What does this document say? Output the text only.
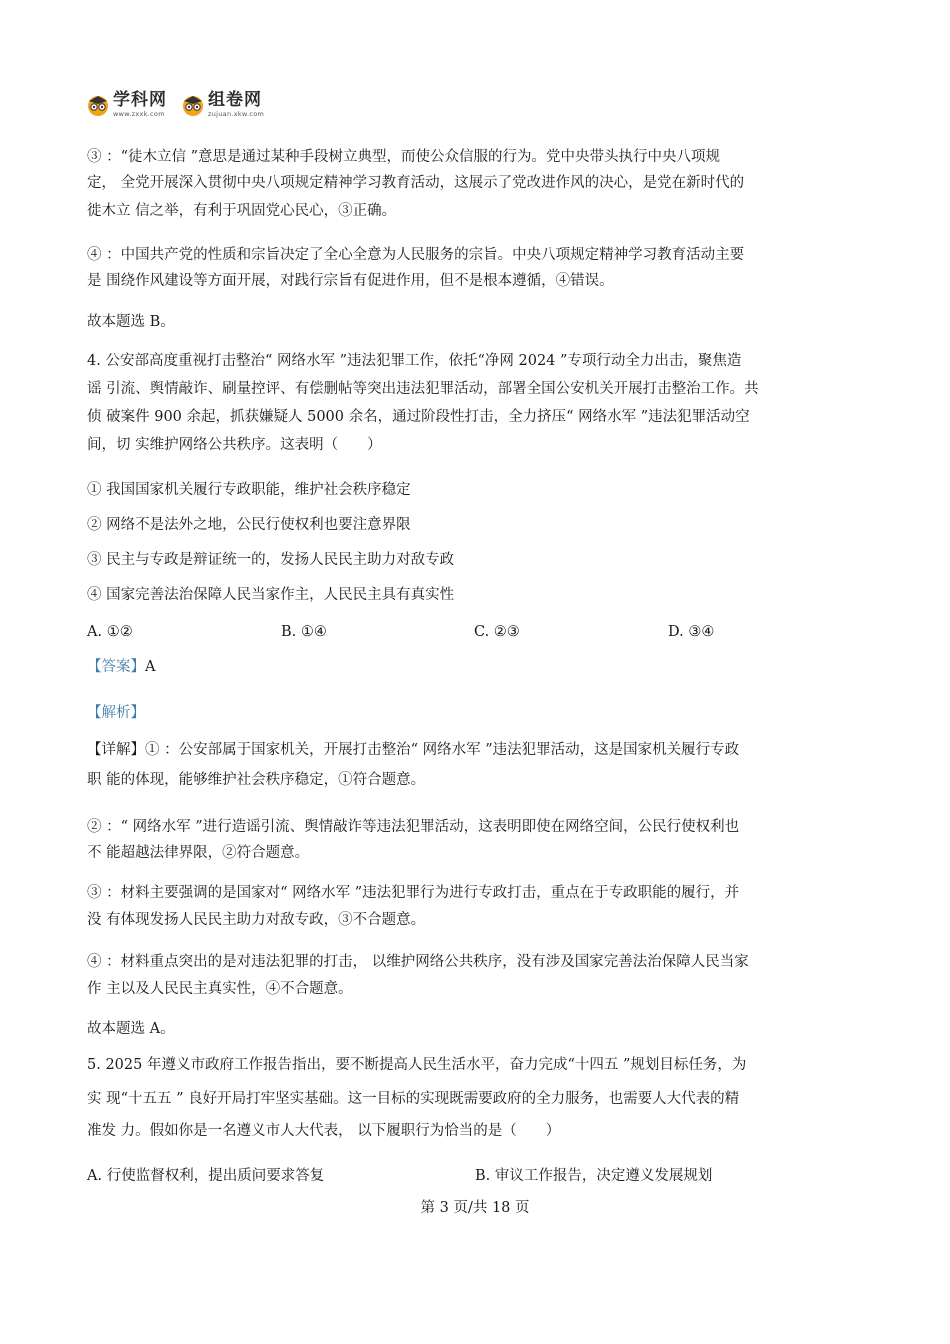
学科网
www.zxxk.com
组卷网
zujuan.xkw.com
③ ：“徒木立信 ”意思是通过某种手段树立典型，而使公众信服的行为。党中央带头执行中央八项规
定， 全党开展深入贯彻中央八项规定精神学习教育活动，这展示了党改进作风的决心，是党在新时代的
徙木立 信之举，有利于巩固党心民心，③正确。
④ ：中国共产党的性质和宗旨决定了全心全意为人民服务的宗旨。中央八项规定精神学习教育活动主要
是 围绕作风建设等方面开展，对践行宗旨有促进作用，但不是根本遵循，④错误。
故本题选 B。
4. 公安部高度重视打击整治“ 网络水军 ”违法犯罪工作，依托“净网 2024 ”专项行动全力出击，聚焦造
谣 引流、舆情敲诈、刷量控评、有偿删帖等突出违法犯罪活动，部署全国公安机关开展打击整治工作。共
侦 破案件 900 余起，抓获嫌疑人 5000 余名，通过阶段性打击，全力挤压“ 网络水军 ”违法犯罪活动空
间，切 实维护网络公共秩序。这表明（　　）
① 我国国家机关履行专政职能，维护社会秩序稳定
② 网络不是法外之地，公民行使权利也要注意界限
③ 民主与专政是辩证统一的，发扬人民民主助力对敌专政
④ 国家完善法治保障人民当家作主，人民民主具有真实性
A. ①②	B. ①④	C. ②③	D. ③④
【答案】A
【解析】
【详解】① ：公安部属于国家机关，开展打击整治“ 网络水军 ”违法犯罪活动，这是国家机关履行专政
职 能的体现，能够维护社会秩序稳定，①符合题意。
② ：“ 网络水军 ”进行造谣引流、舆情敲诈等违法犯罪活动，这表明即使在网络空间，公民行使权利也
不 能超越法律界限，②符合题意。
③ ：材料主要强调的是国家对“ 网络水军 ”违法犯罪行为进行专政打击，重点在于专政职能的履行，并
没 有体现发扬人民民主助力对敌专政，③不合题意。
④ ：材料重点突出的是对违法犯罪的打击， 以维护网络公共秩序，没有涉及国家完善法治保障人民当家
作 主以及人民民主真实性，④不合题意。
故本题选 A。
5. 2025 年遵义市政府工作报告指出，要不断提高人民生活水平，奋力完成“十四五 ”规划目标任务，为
实 现“十五五 ” 良好开局打牢坚实基础。这一目标的实现既需要政府的全力服务，也需要人大代表的精
准发 力。假如你是一名遵义市人大代表， 以下履职行为恰当的是（　　）
A. 行使监督权利，提出质问要求答复	B. 审议工作报告，决定遵义发展规划
第 3 页/共 18 页
